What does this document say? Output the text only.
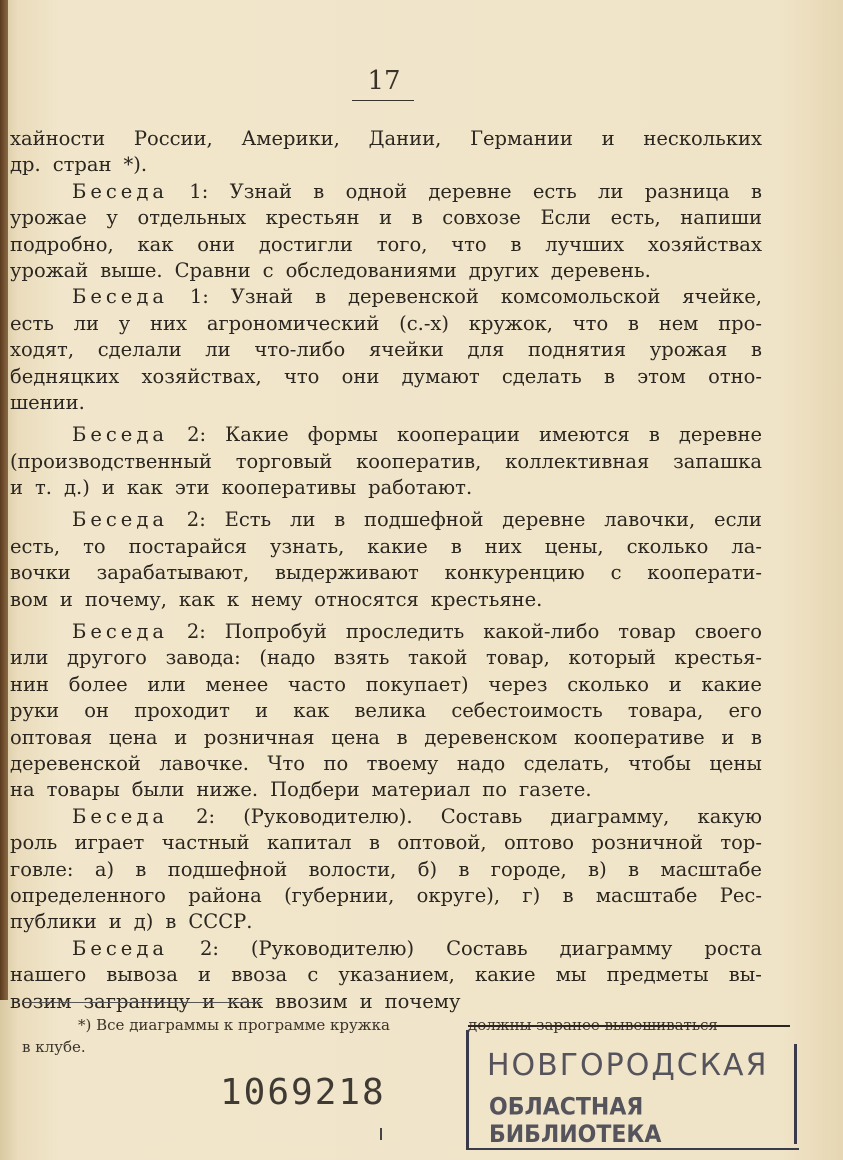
17
хайности России, Америки, Дании, Германии и нескольких
др. стран *).
Беседа 1: Узнай в одной деревне есть ли разница в
урожае у отдельных крестьян и в совхозе Если есть, напиши
подробно, как они достигли того, что в лучших хозяйствах
урожай выше. Сравни с обследованиями других деревень.
Беседа 1: Узнай в деревенской комсомольской ячейке,
есть ли у них агрономический (с.-х) кружок, что в нем про-
ходят, сделали ли что-либо ячейки для поднятия урожая в
бедняцких хозяйствах, что они думают сделать в этом отно-
шении.
Беседа 2: Какие формы кооперации имеются в деревне
(производственный торговый кооператив, коллективная запашка
и т. д.) и как эти кооперативы работают.
Беседа 2: Есть ли в подшефной деревне лавочки, если
есть, то постарайся узнать, какие в них цены, сколько ла-
вочки зарабатывают, выдерживают конкуренцию с кооперати-
вом и почему, как к нему относятся крестьяне.
Беседа 2: Попробуй проследить какой-либо товар своего
или другого завода: (надо взять такой товар, который крестья-
нин более или менее часто покупает) через сколько и какие
руки он проходит и как велика себестоимость товара, его
оптовая цена и розничная цена в деревенском кооперативе и в
деревенской лавочке. Что по твоему надо сделать, чтобы цены
на товары были ниже. Подбери материал по газете.
Беседа 2: (Руководителю). Составь диаграмму, какую
роль играет частный капитал в оптовой, оптово розничной тор-
говле: а) в подшефной волости, б) в городе, в) в масштабе
определенного района (губернии, округе), г) в масштабе Рес-
публики и д) в СССР.
Беседа 2: (Руководителю) Составь диаграмму роста
нашего вывоза и ввоза с указанием, какие мы предметы вы-
возим заграницу и как ввозим и почему
*) Все диаграммы к программе кружка
в клубе.
должны заранее вывешиваться
1069218
НОВГОРОДСКАЯ
ОБЛАСТНАЯ БИБЛИОТЕКА
